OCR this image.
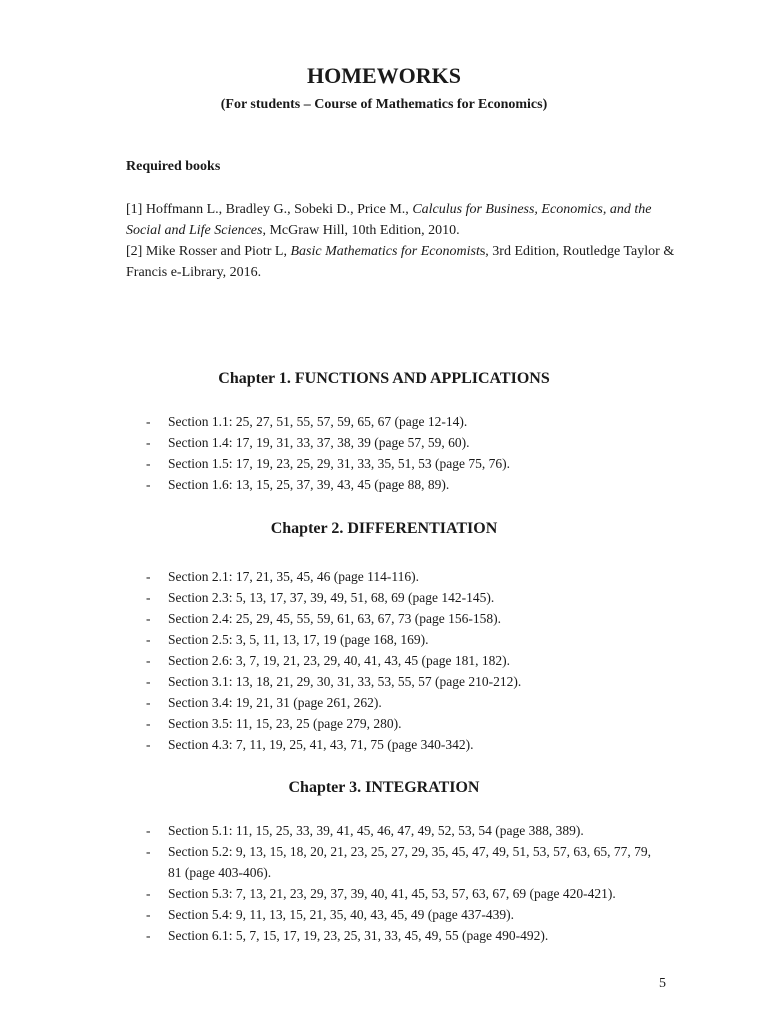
HOMEWORKS
(For students – Course of Mathematics for Economics)
Required books

[1] Hoffmann L., Bradley G., Sobeki D., Price M., Calculus for Business, Economics, and the Social and Life Sciences, McGraw Hill, 10th Edition, 2010.

[2] Mike Rosser and Piotr L, Basic Mathematics for Economists, 3rd Edition, Routledge Taylor & Francis e-Library, 2016.

Chapter 1. FUNCTIONS AND APPLICATIONS
- Section 1.1: 25, 27, 51, 55, 57, 59, 65, 67 (page 12-14).
- Section 1.4: 17, 19, 31, 33, 37, 38, 39 (page 57, 59, 60).
- Section 1.5: 17, 19, 23, 25, 29, 31, 33, 35, 51, 53 (page 75, 76).
- Section 1.6: 13, 15, 25, 37, 39, 43, 45 (page 88, 89).
Chapter 2. DIFFERENTIATION
- Section 2.1: 17, 21, 35, 45, 46 (page 114-116).
- Section 2.3: 5, 13, 17, 37, 39, 49, 51, 68, 69 (page 142-145).
- Section 2.4: 25, 29, 45, 55, 59, 61, 63, 67, 73 (page 156-158).
- Section 2.5: 3, 5, 11, 13, 17, 19 (page 168, 169).
- Section 2.6: 3, 7, 19, 21, 23, 29, 40, 41, 43, 45 (page 181, 182).
- Section 3.1: 13, 18, 21, 29, 30, 31, 33, 53, 55, 57 (page 210-212).
- Section 3.4: 19, 21, 31 (page 261, 262).
- Section 3.5: 11, 15, 23, 25 (page 279, 280).
- Section 4.3: 7, 11, 19, 25, 41, 43, 71, 75 (page 340-342).
Chapter 3. INTEGRATION
- Section 5.1: 11, 15, 25, 33, 39, 41, 45, 46, 47, 49, 52, 53, 54 (page 388, 389).
- Section 5.2: 9, 13, 15, 18, 20, 21, 23, 25, 27, 29, 35, 45, 47, 49, 51, 53, 57, 63, 65, 77, 79, 81 (page 403-406).
- Section 5.3: 7, 13, 21, 23, 29, 37, 39, 40, 41, 45, 53, 57, 63, 67, 69 (page 420-421).
- Section 5.4: 9, 11, 13, 15, 21, 35, 40, 43, 45, 49 (page 437-439).
- Section 6.1: 5, 7, 15, 17, 19, 23, 25, 31, 33, 45, 49, 55 (page 490-492).
5
